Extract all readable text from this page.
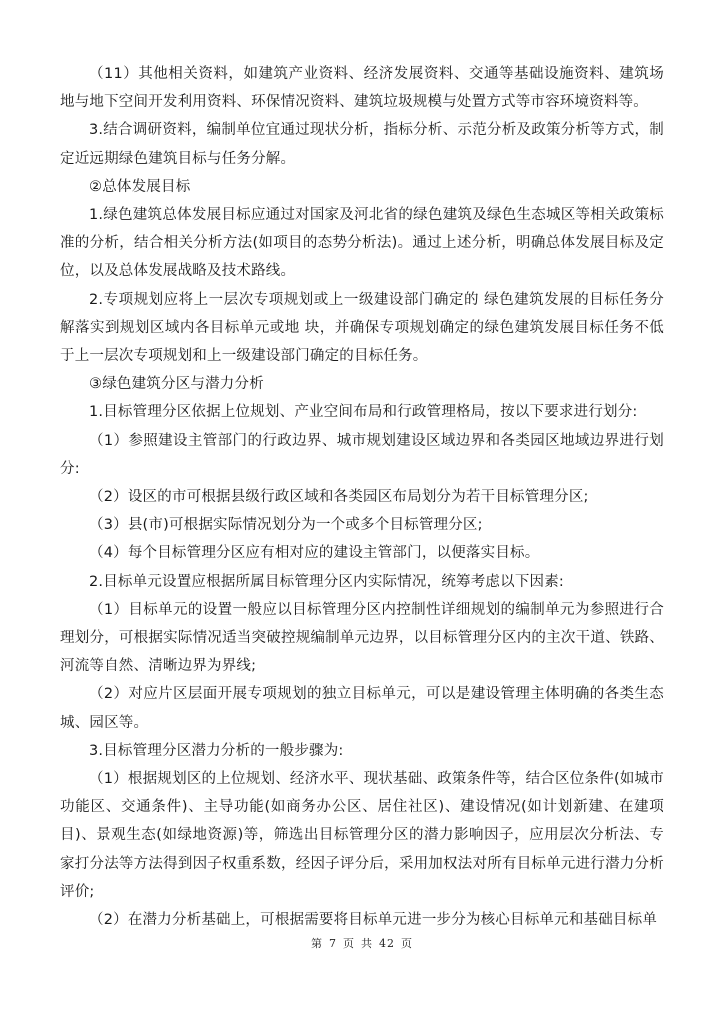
（11）其他相关资料，如建筑产业资料、经济发展资料、交通等基础设施资料、建筑场地与地下空间开发利用资料、环保情况资料、建筑垃圾规模与处置方式等市容环境资料等。

3.结合调研资料，编制单位宜通过现状分析，指标分析、示范分析及政策分析等方式，制定近远期绿色建筑目标与任务分解。

②总体发展目标

1.绿色建筑总体发展目标应通过对国家及河北省的绿色建筑及绿色生态城区等相关政策标准的分析，结合相关分析方法(如项目的态势分析法)。通过上述分析，明确总体发展目标及定位，以及总体发展战略及技术路线。

2.专项规划应将上一层次专项规划或上一级建设部门确定的 绿色建筑发展的目标任务分解落实到规划区域内各目标单元或地 块，并确保专项规划确定的绿色建筑发展目标任务不低于上一层次专项规划和上一级建设部门确定的目标任务。

③绿色建筑分区与潜力分析

1.目标管理分区依据上位规划、产业空间布局和行政管理格局，按以下要求进行划分:

（1）参照建设主管部门的行政边界、城市规划建设区域边界和各类园区地域边界进行划分:

（2）设区的市可根据县级行政区域和各类园区布局划分为若干目标管理分区;

（3）县(市)可根据实际情况划分为一个或多个目标管理分区;

（4）每个目标管理分区应有相对应的建设主管部门，以便落实目标。

2.目标单元设置应根据所属目标管理分区内实际情况，统筹考虑以下因素:

（1）目标单元的设置一般应以目标管理分区内控制性详细规划的编制单元为参照进行合理划分，可根据实际情况适当突破控规编制单元边界，以目标管理分区内的主次干道、铁路、河流等自然、清晰边界为界线;

（2）对应片区层面开展专项规划的独立目标单元，可以是建设管理主体明确的各类生态城、园区等。

3.目标管理分区潜力分析的一般步骤为:

（1）根据规划区的上位规划、经济水平、现状基础、政策条件等，结合区位条件(如城市功能区、交通条件)、主导功能(如商务办公区、居住社区)、建设情况(如计划新建、在建项目)、景观生态(如绿地资源)等，筛选出目标管理分区的潜力影响因子，应用层次分析法、专家打分法等方法得到因子权重系数，经因子评分后，采用加权法对所有目标单元进行潜力分析评价;

（2）在潜力分析基础上，可根据需要将目标单元进一步分为核心目标单元和基础目标单

第 7 页 共 42 页
